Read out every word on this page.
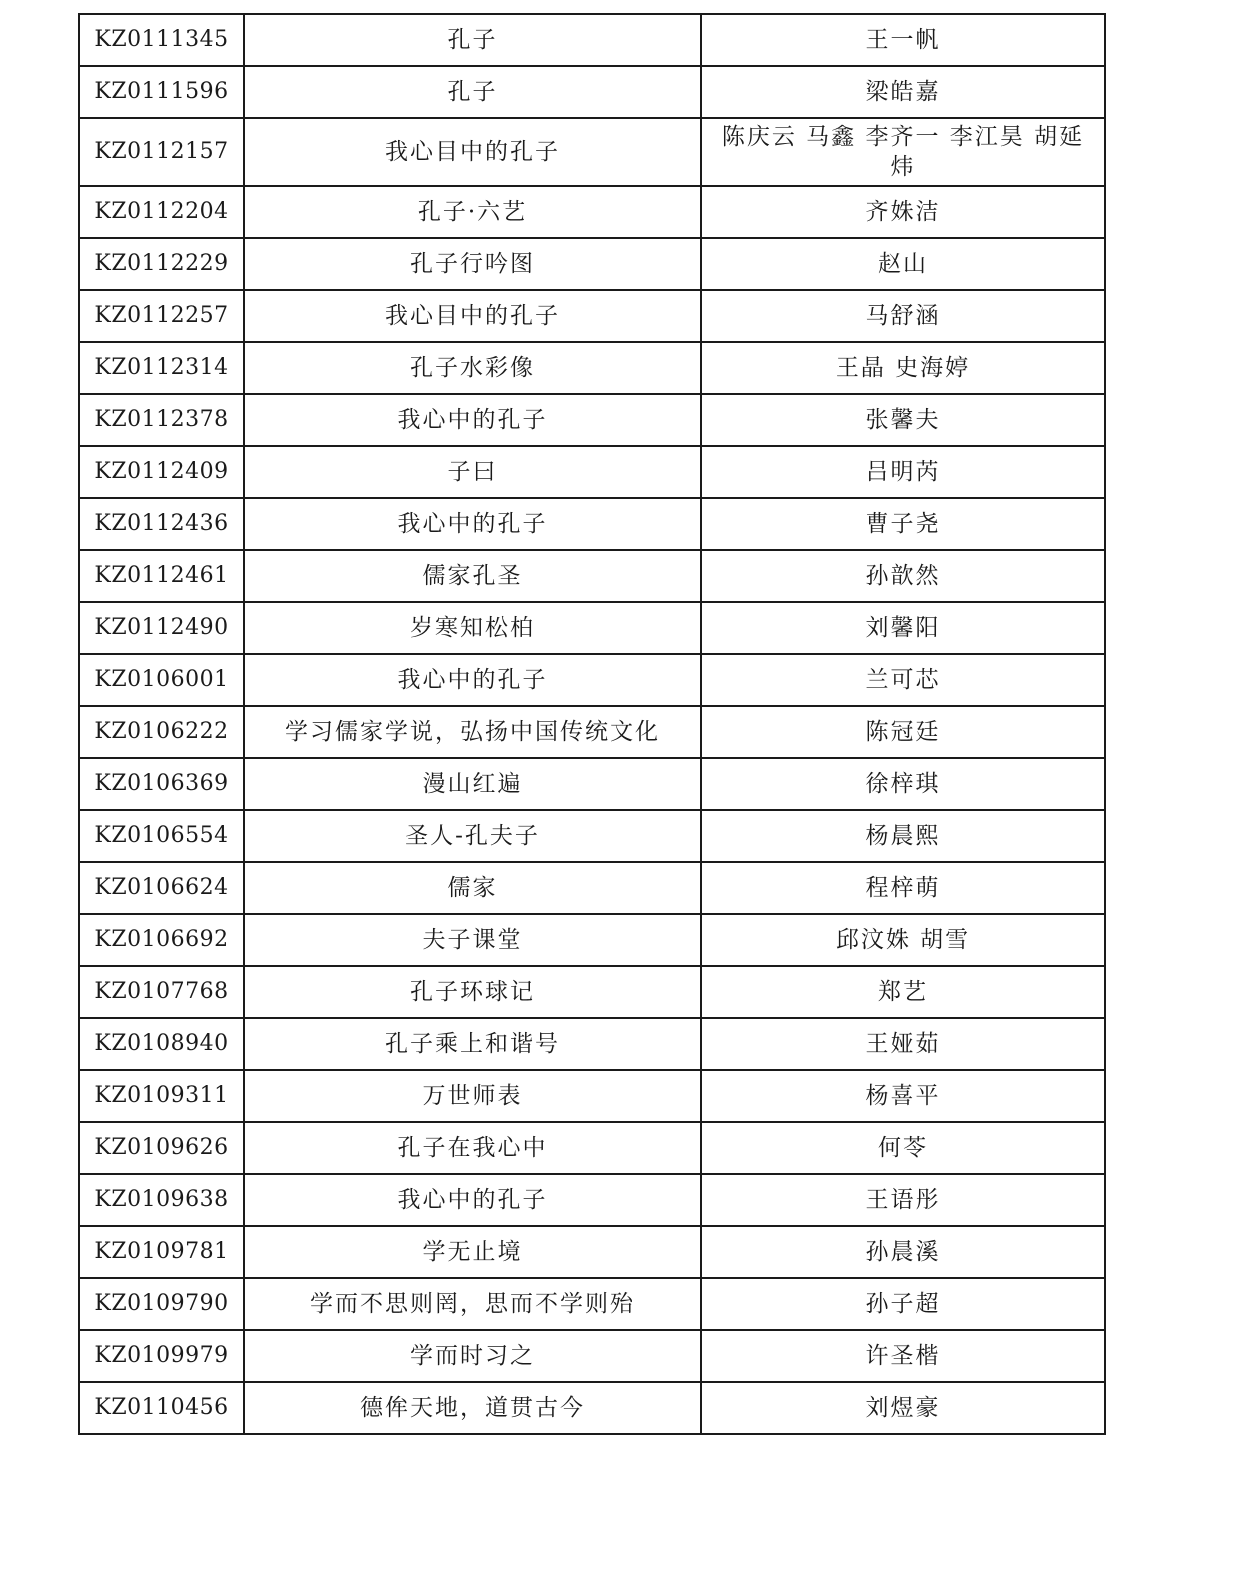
KZ0111345	孔子	王一帆
KZ0111596	孔子	梁皓嘉
KZ0112157	我心目中的孔子	陈庆云 马鑫 李齐一 李江昊 胡延炜
KZ0112204	孔子·六艺	齐姝洁
KZ0112229	孔子行吟图	赵山
KZ0112257	我心目中的孔子	马舒涵
KZ0112314	孔子水彩像	王晶 史海婷
KZ0112378	我心中的孔子	张馨夫
KZ0112409	子曰	吕明芮
KZ0112436	我心中的孔子	曹子尧
KZ0112461	儒家孔圣	孙歆然
KZ0112490	岁寒知松柏	刘馨阳
KZ0106001	我心中的孔子	兰可芯
KZ0106222	学习儒家学说，弘扬中国传统文化	陈冠廷
KZ0106369	漫山红遍	徐梓琪
KZ0106554	圣人-孔夫子	杨晨熙
KZ0106624	儒家	程梓萌
KZ0106692	夫子课堂	邱汶姝 胡雪
KZ0107768	孔子环球记	郑艺
KZ0108940	孔子乘上和谐号	王娅茹
KZ0109311	万世师表	杨喜平
KZ0109626	孔子在我心中	何苓
KZ0109638	我心中的孔子	王语彤
KZ0109781	学无止境	孙晨溪
KZ0109790	学而不思则罔，思而不学则殆	孙子超
KZ0109979	学而时习之	许圣楷
KZ0110456	德侔天地，道贯古今	刘煜豪
